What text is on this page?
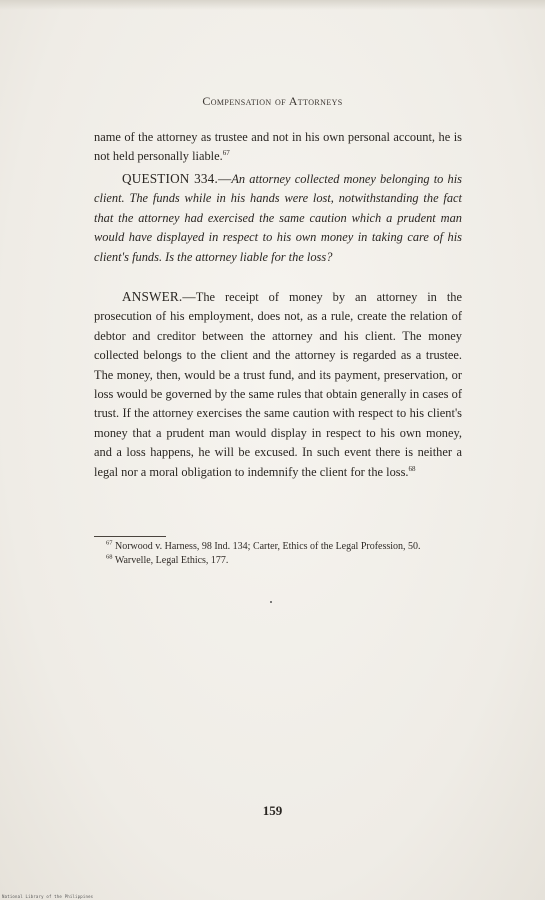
Compensation of Attorneys
name of the attorney as trustee and not in his own personal account, he is not held personally liable.$^{67}$
QUESTION 334.—An attorney collected money belonging to his client. The funds while in his hands were lost, notwithstanding the fact that the attorney had exercised the same caution which a prudent man would have displayed in respect to his own money in taking care of his client's funds. Is the attorney liable for the loss?
ANSWER.—The receipt of money by an attorney in the prosecution of his employment, does not, as a rule, create the relation of debtor and creditor between the attorney and his client. The money collected belongs to the client and the attorney is regarded as a trustee. The money, then, would be a trust fund, and its payment, preservation, or loss would be governed by the same rules that obtain generally in cases of trust. If the attorney exercises the same caution with respect to his client's money that a prudent man would display in respect to his own money, and a loss happens, he will be excused. In such event there is neither a legal nor a moral obligation to indemnify the client for the loss.$^{68}$
$^{67}$ Norwood v. Harness, 98 Ind. 134; Carter, Ethics of the Legal Profession, 50.
$^{68}$ Warvelle, Legal Ethics, 177.
159
National Library of the Philippines
